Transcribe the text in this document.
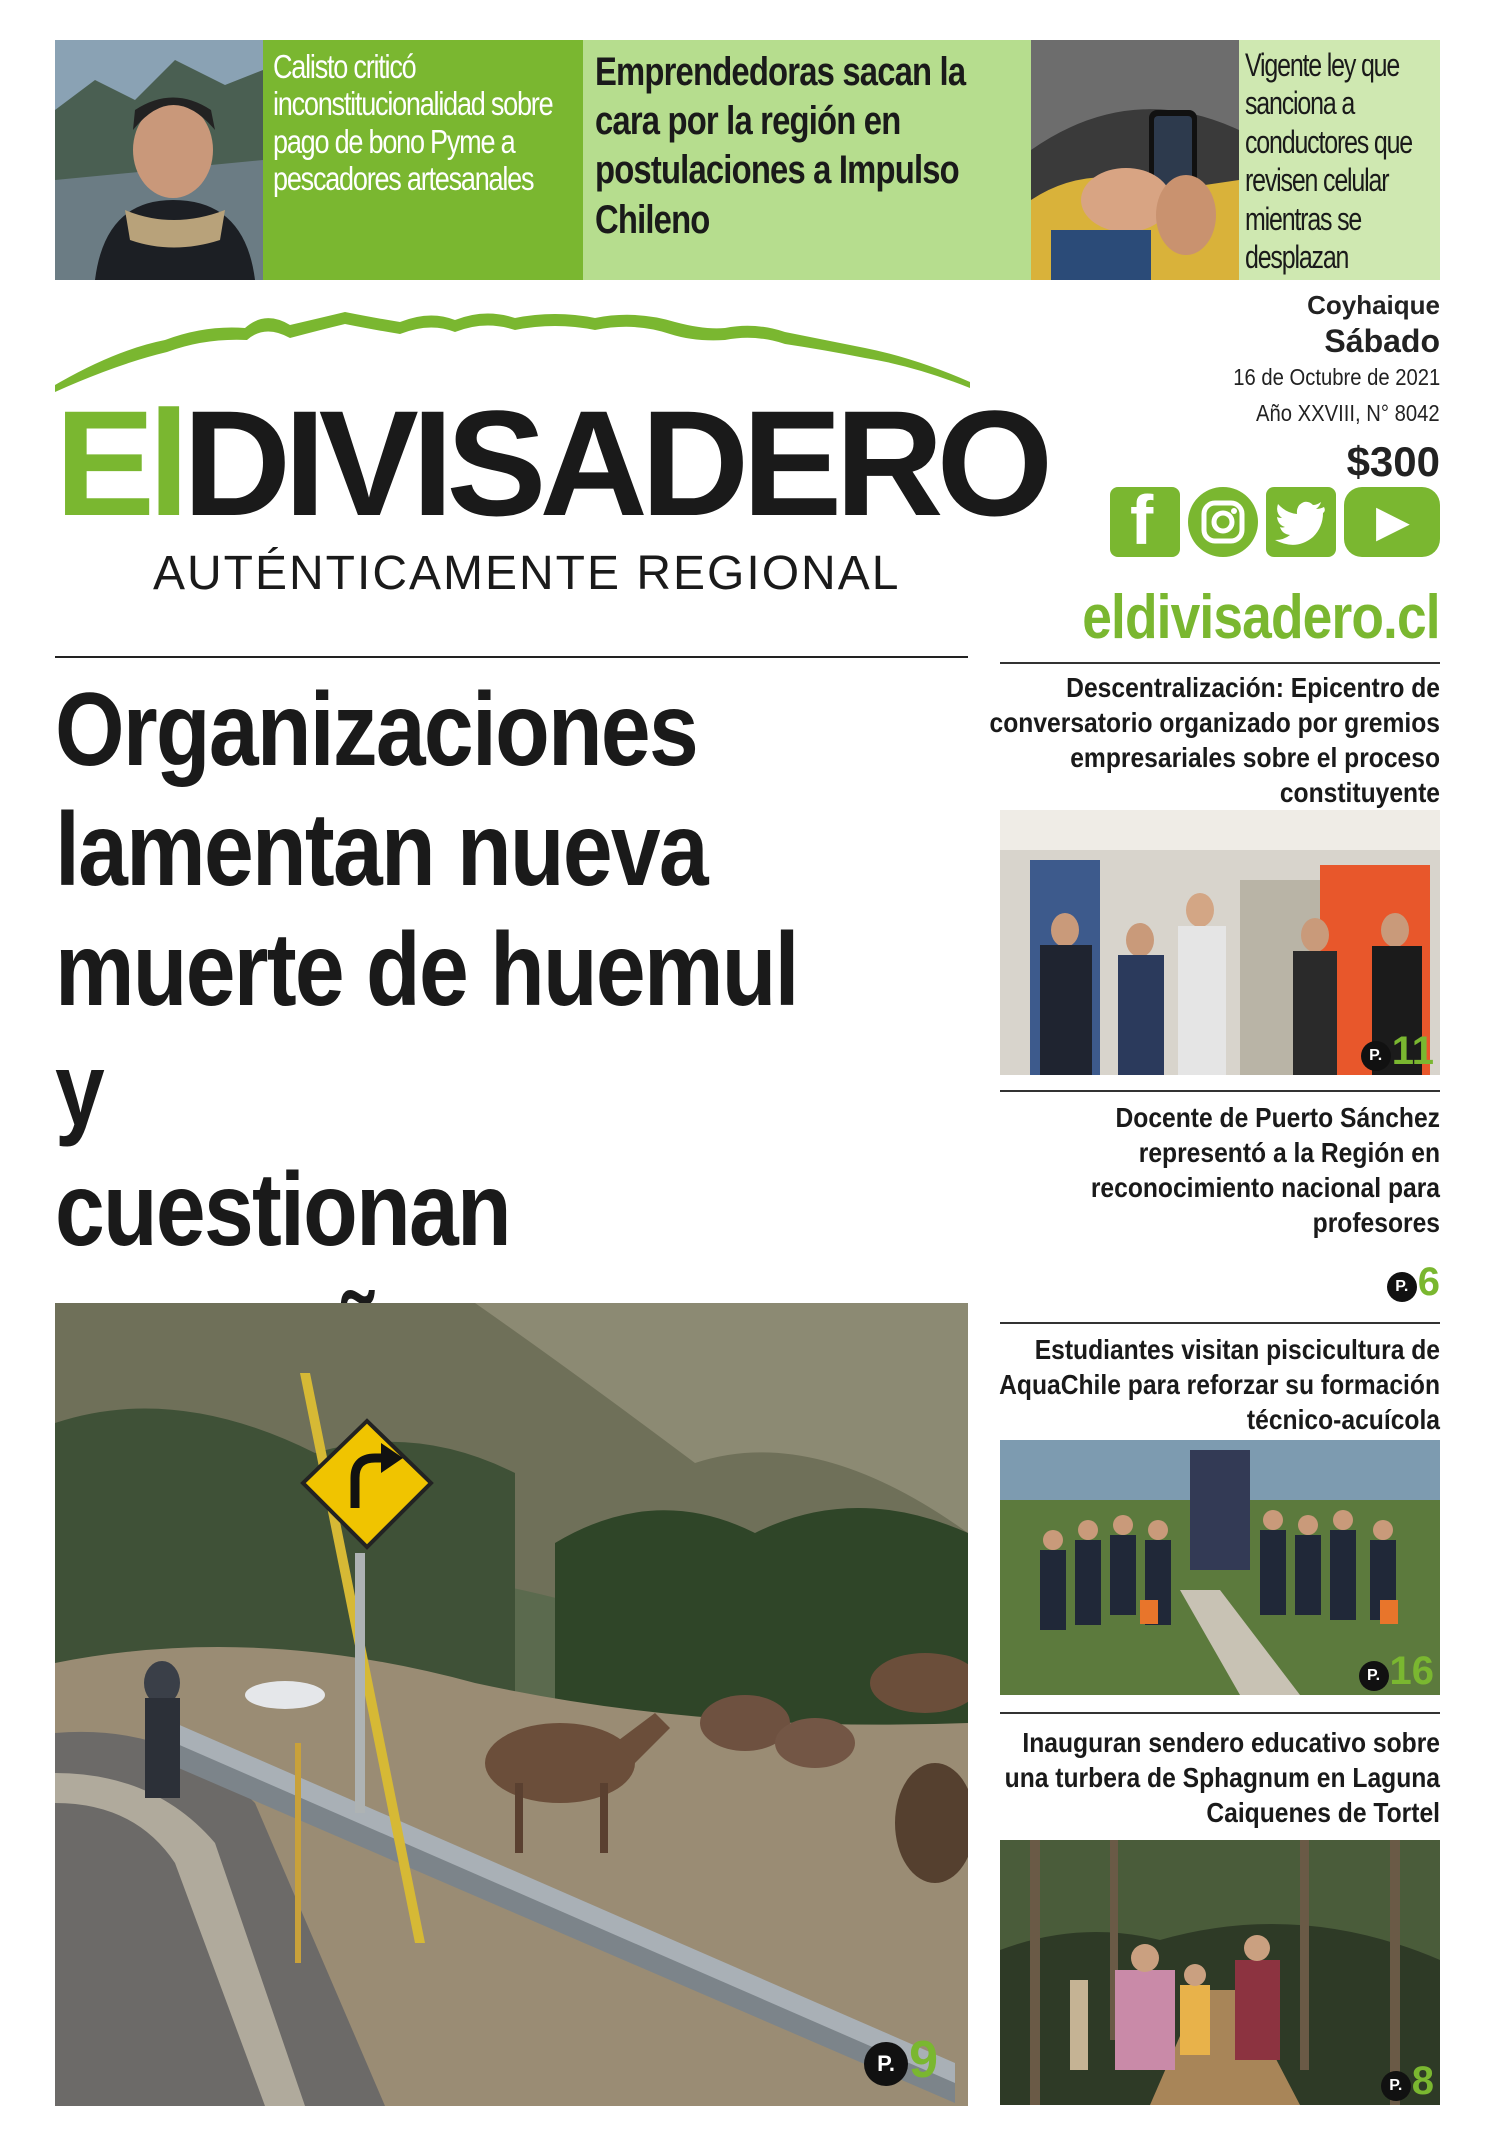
Calisto criticó inconstitucionalidad sobre pago de bono Pyme a pescadores artesanales

Emprendedoras sacan la cara por la región en postulaciones a Impulso Chileno

Vigente ley que sanciona a conductores que revisen celular mientras se desplazan

ElDIVISADERO
AUTÉNTICAMENTE REGIONAL
Coyhaique
Sábado
16 de Octubre de 2021
Año XXVIII, N° 8042
$300
f	▶
eldivisadero.cl
Organizaciones
lamentan nueva
muerte de huemul y
cuestionan
P. 9

Descentralización: Epicentro de conversatorio organizado por gremios empresariales sobre el proceso constituyente

P. 11

Docente de Puerto Sánchez representó a la Región en reconocimiento nacional para profesores

P. 6

Estudiantes visitan piscicultura de AquaChile para reforzar su formación técnico-acuícola

P. 16

Inauguran sendero educativo sobre una turbera de Sphagnum en Laguna Caiquenes de Tortel

P. 8
